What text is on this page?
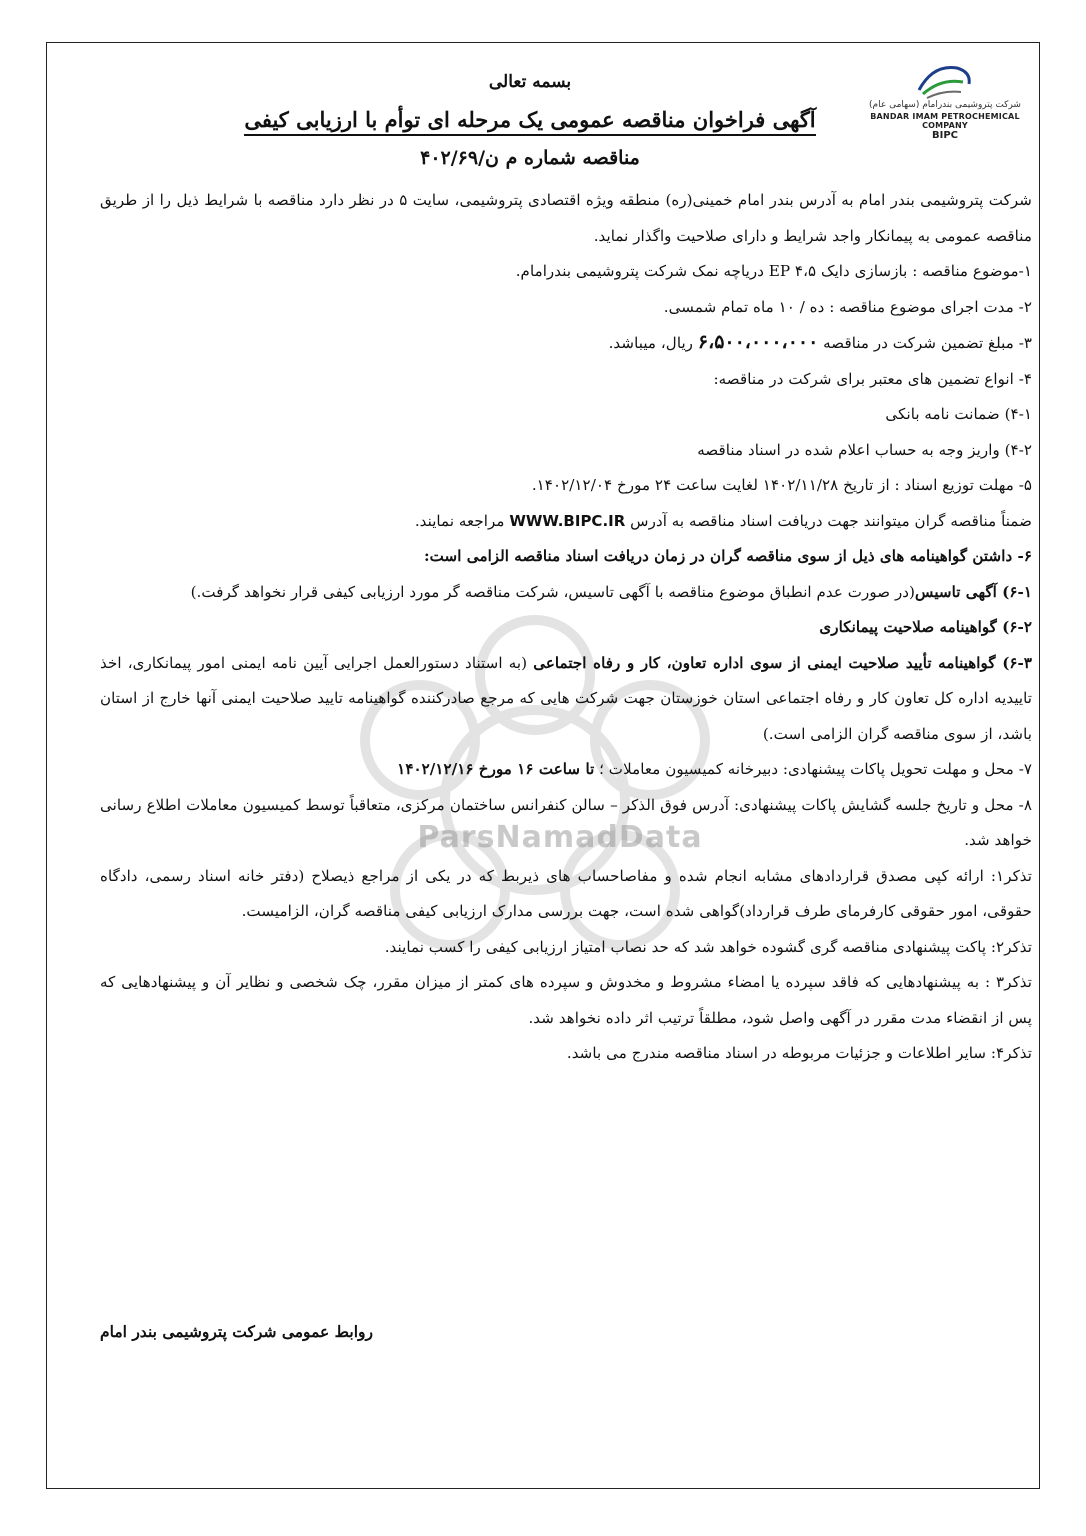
ParsNamadData
شرکت پتروشیمی بندرامام (سهامی عام)
BANDAR IMAM PETROCHEMICAL COMPANY
BIPC
بسمه تعالی
آگهی فراخوان مناقصه عمومی یک مرحله ای توأم با ارزیابی کیفی
مناقصه شماره م ن/۴۰۲/۶۹

شرکت پتروشیمی بندر امام به آدرس بندر امام خمینی(ره) منطقه ویژه اقتصادی پتروشیمی، سایت ۵ در نظر دارد مناقصه با شرایط ذیل را از طریق مناقصه عمومی به پیمانکار واجد شرایط و دارای صلاحیت واگذار نماید.

۱-موضوع مناقصه : بازسازی دایک EP ۴،۵ دریاچه نمک شرکت پتروشیمی بندرامام.

۲- مدت اجرای موضوع مناقصه : ده / ۱۰ ماه تمام شمسی.

۳- مبلغ تضمین شرکت در مناقصه ۶،۵۰۰،۰۰۰،۰۰۰ ریال، میباشد.

۴- انواع تضمین های معتبر برای شرکت در مناقصه:

۴-۱) ضمانت نامه بانکی

۴-۲) واریز وجه به حساب اعلام شده در اسناد مناقصه

۵- مهلت توزیع اسناد : از تاریخ ۱۴۰۲/۱۱/۲۸ لغایت ساعت ۲۴ مورخ ۱۴۰۲/۱۲/۰۴.

ضمناً مناقصه گران میتوانند جهت دریافت اسناد مناقصه به آدرس WWW.BIPC.IR مراجعه نمایند.

۶- داشتن گواهینامه های ذیل از سوی مناقصه گران در زمان دریافت اسناد مناقصه الزامی است:

۶-۱) آگهی تاسیس(در صورت عدم انطباق موضوع مناقصه با آگهی تاسیس، شرکت مناقصه گر مورد ارزیابی کیفی قرار نخواهد گرفت.)

۶-۲) گواهینامه صلاحیت پیمانکاری

۶-۳) گواهینامه تأیید صلاحیت ایمنی از سوی اداره تعاون، کار و رفاه اجتماعی (به استناد دستورالعمل اجرایی آیین نامه ایمنی امور پیمانکاری، اخذ تاییدیه اداره کل تعاون کار و رفاه اجتماعی استان خوزستان جهت شرکت هایی که مرجع صادرکننده گواهینامه تایید صلاحیت ایمنی آنها خارج از استان باشد، از سوی مناقصه گران الزامی است.)

۷- محل و مهلت تحویل پاکات پیشنهادی: دبیرخانه کمیسیون معاملات ؛ تا ساعت ۱۶ مورخ ۱۴۰۲/۱۲/۱۶

۸- محل و تاریخ جلسه گشایش پاکات پیشنهادی: آدرس فوق الذکر – سالن کنفرانس ساختمان مرکزی، متعاقباً توسط کمیسیون معاملات اطلاع رسانی خواهد شد.

تذکر۱: ارائه کپی مصدق قراردادهای مشابه انجام شده و مفاصاحساب های ذیربط که در یکی از مراجع ذیصلاح (دفتر خانه اسناد رسمی، دادگاه حقوقی، امور حقوقی کارفرمای طرف قرارداد)گواهی شده است، جهت بررسی مدارک ارزیابی کیفی مناقصه گران، الزامیست.

تذکر۲: پاکت پیشنهادی مناقصه گری گشوده خواهد شد که حد نصاب امتیاز ارزیابی کیفی را کسب نمایند.

تذکر۳ : به پیشنهادهایی که فاقد سپرده یا امضاء مشروط و مخدوش و سپرده های کمتر از میزان مقرر، چک شخصی و نظایر آن و پیشنهادهایی که پس از انقضاء مدت مقرر در آگهی واصل شود، مطلقاً ترتیب اثر داده نخواهد شد.

تذکر۴: سایر اطلاعات و جزئیات مربوطه در اسناد مناقصه مندرج می باشد.

روابط عمومی شرکت پتروشیمی بندر امام
